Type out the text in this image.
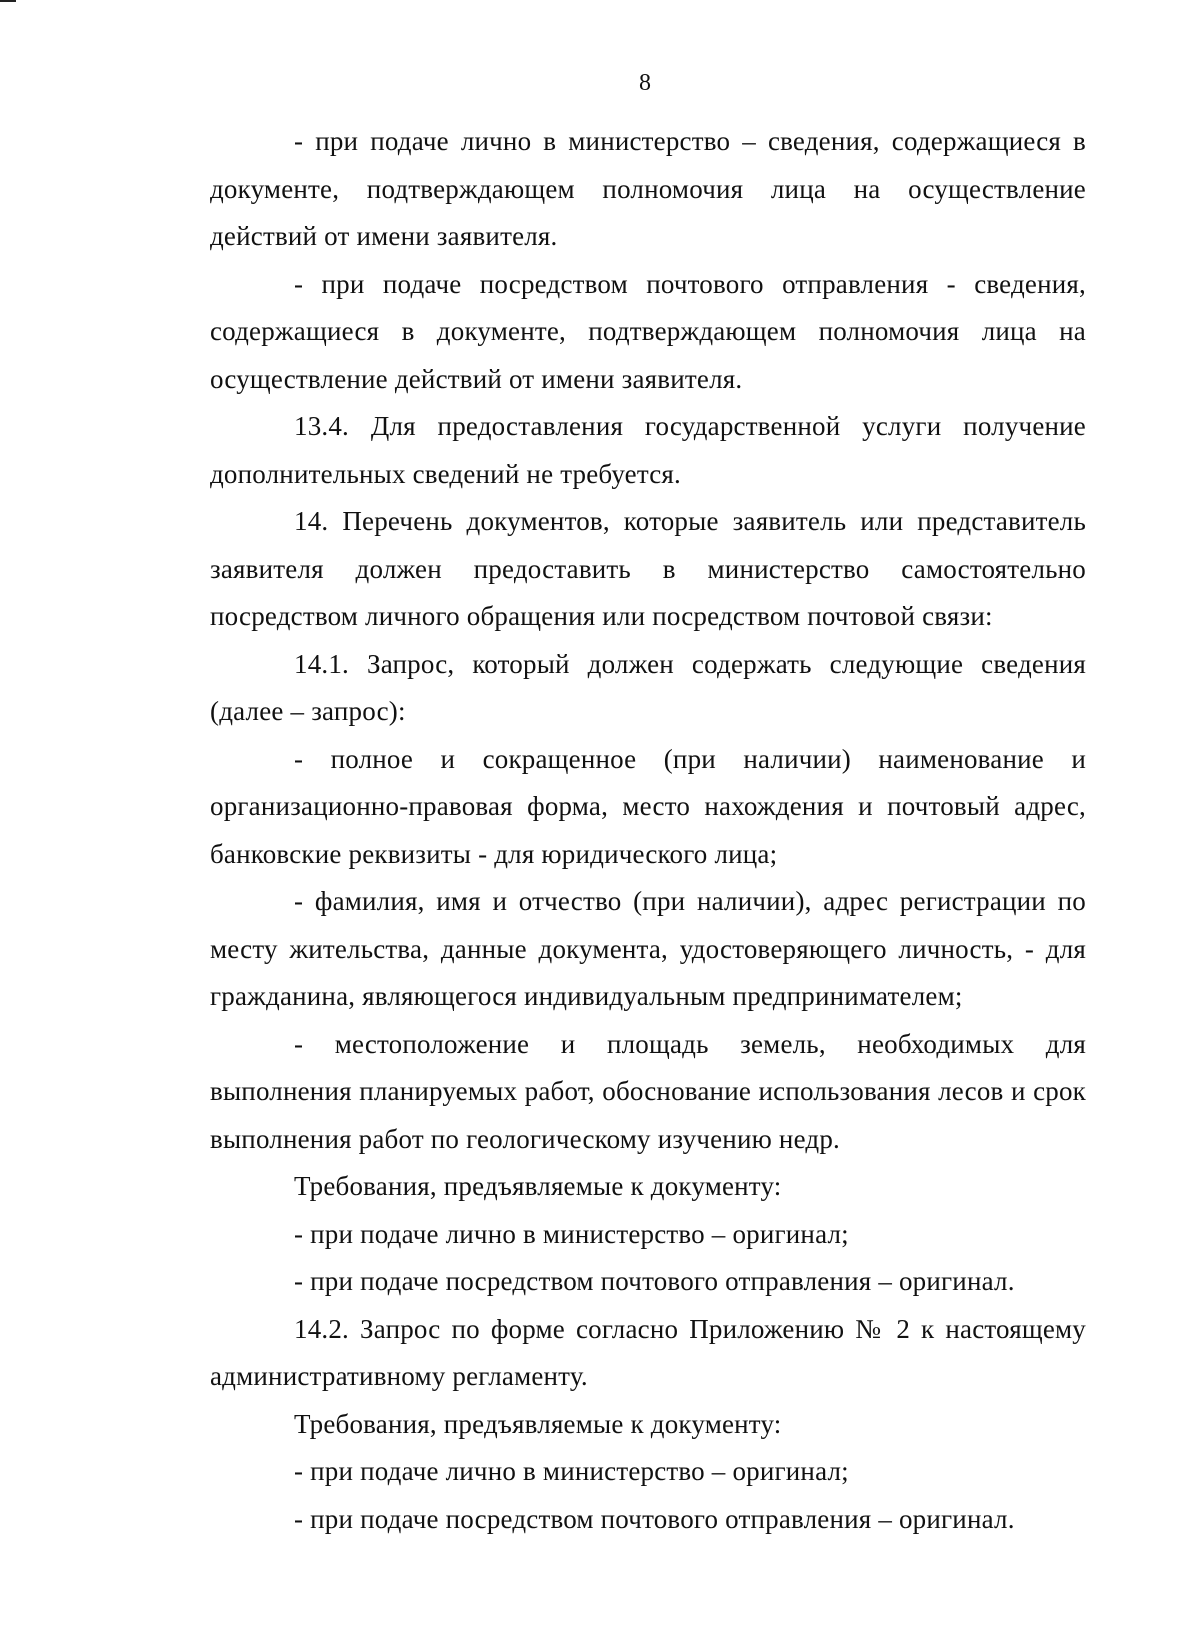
8

- при подаче лично в министерство – сведения, содержащиеся в документе, подтверждающем полномочия лица на осуществление действий от имени заявителя.

- при подаче посредством почтового отправления - сведения, содержащиеся в документе, подтверждающем полномочия лица на осуществление действий от имени заявителя.

13.4. Для предоставления государственной услуги получение дополнительных сведений не требуется.

14. Перечень документов, которые заявитель или представитель заявителя должен предоставить в министерство самостоятельно посредством личного обращения или посредством почтовой связи:

14.1. Запрос, который должен содержать следующие сведения (далее – запрос):

- полное и сокращенное (при наличии) наименование и организационно-правовая форма, место нахождения и почтовый адрес, банковские реквизиты - для юридического лица;

- фамилия, имя и отчество (при наличии), адрес регистрации по месту жительства, данные документа, удостоверяющего личность, - для гражданина, являющегося индивидуальным предпринимателем;

- местоположение и площадь земель, необходимых для выполнения планируемых работ, обоснование использования лесов и срок выполнения работ по геологическому изучению недр.

Требования, предъявляемые к документу:

- при подаче лично в министерство – оригинал;

- при подаче посредством почтового отправления – оригинал.

14.2. Запрос по форме согласно Приложению № 2 к настоящему административному регламенту.

Требования, предъявляемые к документу:

- при подаче лично в министерство – оригинал;

- при подаче посредством почтового отправления – оригинал.
